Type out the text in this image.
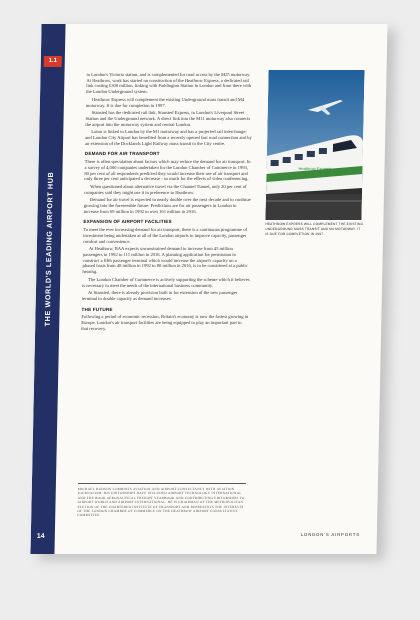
1.1
THE WORLD'S LEADING AIRPORT HUB
14

to London's Victoria station, and is complemented for road access by the M25 motorway. At Heathrow, work has started on construction of the Heathrow Express, a dedicated rail link costing £300 million, linking with Paddington Station in London and from there with the London Underground system.

Heathrow Express will complement the existing Underground mass transit and M4 motorway. It is due for completion in 1997.

Stansted has the dedicated rail link, Stansted Express, to London's Liverpool Street Station and the Underground network. A direct link into the M11 motorway also connects the airport into the motorway system and central London.

Luton is linked to London by the M1 motorway and has a projected rail interchange; and London City Airport has benefited from a recently opened fast road connection and by an extension of the Docklands Light Railway mass transit to the City centre.

DEMAND FOR AIR TRANSPORT

There is often speculation about factors which may reduce the demand for air transport. In a survey of 4,000 companies undertaken for the London Chamber of Commerce in 1993, 80 per cent of all respondents predicted they would increase their use of air transport and only three per cent anticipated a decrease - so much for the effects of video conferencing.

When questioned about alternative travel via the Channel Tunnel, only 20 per cent of companies said they might use it in preference to Heathrow.

Demand for air travel is expected to nearly double over the next decade and to continue growing into the foreseeable future. Predictions are for air passengers in London to increase from 69 million in 1992 to over 161 million in 2016.

EXPANSION OF AIRPORT FACILITIES

To meet the ever increasing demand for air transport, there is a continuous programme of investment being undertaken at all of the London airports to improve capacity, passenger comfort and convenience.

At Heathrow, BAA expects unconstrained demand to increase from 45 million passengers in 1992 to 111 million in 2016. A planning application for permission to construct a fifth passenger terminal which would increase the airport's capacity on a phased basis from 48 million in 1992 to 80 million in 2016, is to be considered at a public hearing.

The London Chamber of Commerce is actively supporting the scheme which it believes is necessary to meet the needs of the international business community.

At Stansted, there is already provision built in for extension of the new passenger terminal to double capacity as demand increases.

THE FUTURE

Following a period of economic recession, Britain's economy is now the fastest growing in Europe. London's air transport facilities are being equipped to play an important part in that recovery.

Heathrow Express
HEATHROW EXPRESS WILL COMPLEMENT THE EXISTING UNDERGROUND MASS TRANSIT AND M4 MOTORWAY. IT IS DUE FOR COMPLETION IN 1997
MICHAEL HUDSON COMBINES AVIATION AND AIRPORT CONSULTANCY WITH AVIATION JOURNALISM. HIS EDITORSHIPS HAVE INCLUDED AIRPORT TECHNOLOGY INTERNATIONAL AND THE BOOK AERONAUTICAL FREIGHT YEARBOOK AND CONTRIBUTING EDITORSHIPS TO AIRPORT WORLD AND AIRPORT INTERNATIONAL. HE IS CHAIRMAN OF THE METROPOLITAN SECTION OF THE CHARTERED INSTITUTE OF TRANSPORT AND REPRESENTS THE INTERESTS OF THE LONDON CHAMBER OF COMMERCE ON THE HEATHROW AIRPORT CONSULTATIVE COMMITTEE.
LONDON'S AIRPORTS
